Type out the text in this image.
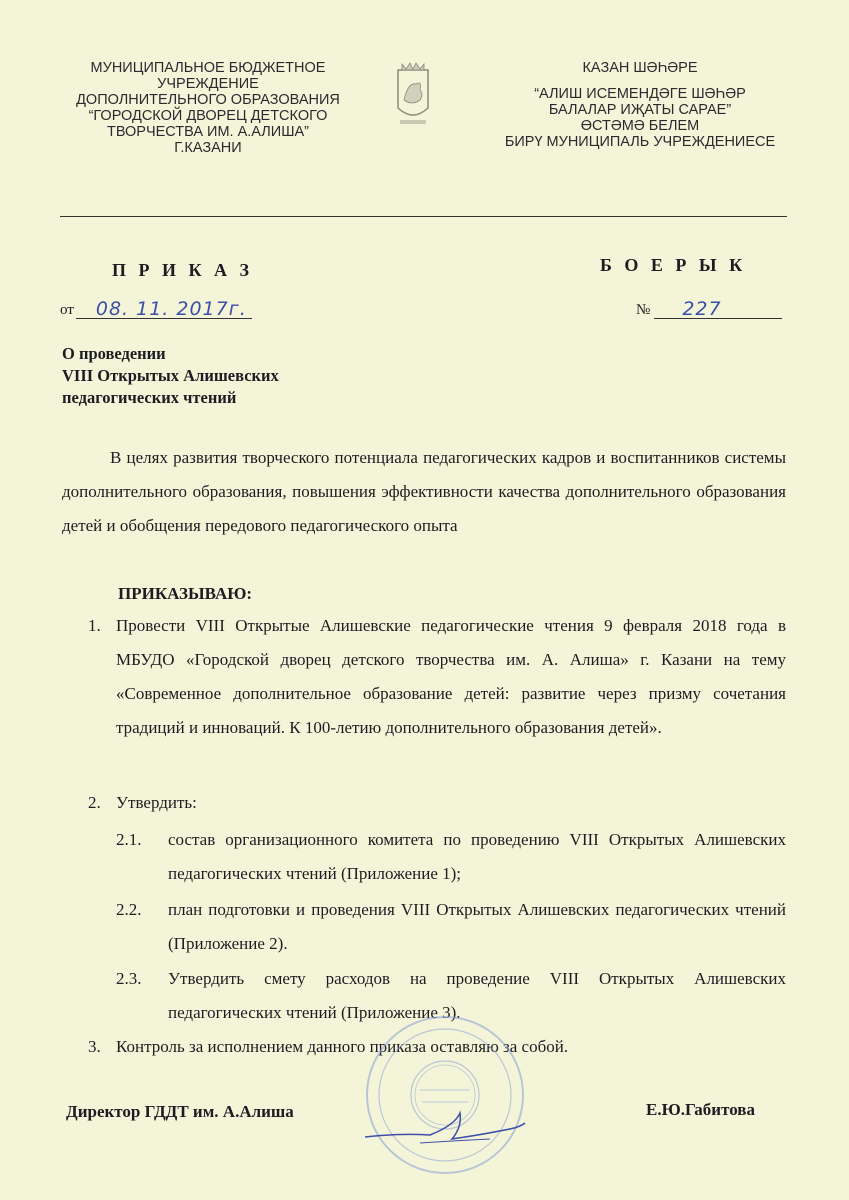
МУНИЦИПАЛЬНОЕ БЮДЖЕТНОЕ
УЧРЕЖДЕНИЕ
ДОПОЛНИТЕЛЬНОГО ОБРАЗОВАНИЯ
“ГОРОДСКОЙ ДВОРЕЦ ДЕТСКОГО
ТВОРЧЕСТВА ИМ. А.АЛИША”
Г.КАЗАНИ
КАЗАН ШӘҺӘРЕ
“АЛИШ ИСЕМЕНДӘГЕ ШӘҺӘР
БАЛАЛАР ИҖАТЫ САРАЕ”
ӨСТӘМӘ БЕЛЕМ
БИРҮ МУНИЦИПАЛЬ УЧРЕЖДЕНИЕСЕ
П Р И К А З	Б О Е Р Ы К
от 08. 11. 2017г.	№ 227
О проведении
VIII Открытых Алишевских
педагогических чтений
В целях развития творческого потенциала педагогических кадров и воспитанников системы дополнительного образования, повышения эффективности качества дополнительного образования детей и обобщения передового педагогического опыта
ПРИКАЗЫВАЮ:
1. Провести VIII Открытые Алишевские педагогические чтения 9 февраля 2018 года в МБУДО «Городской дворец детского творчества им. А. Алиша» г. Казани на тему «Современное дополнительное образование детей: развитие через призму сочетания традиций и инноваций. К 100-летию дополнительного образования детей».
2. Утвердить:
2.1. состав организационного комитета по проведению VIII Открытых Алишевских педагогических чтений (Приложение 1);
2.2. план подготовки и проведения VIII Открытых Алишевских педагогических чтений (Приложение 2).
2.3. Утвердить смету расходов на проведение VIII Открытых Алишевских педагогических чтений (Приложение 3).
3. Контроль за исполнением данного приказа оставляю за собой.
Директор ГДДТ им. А.Алиша	Е.Ю.Габитова
